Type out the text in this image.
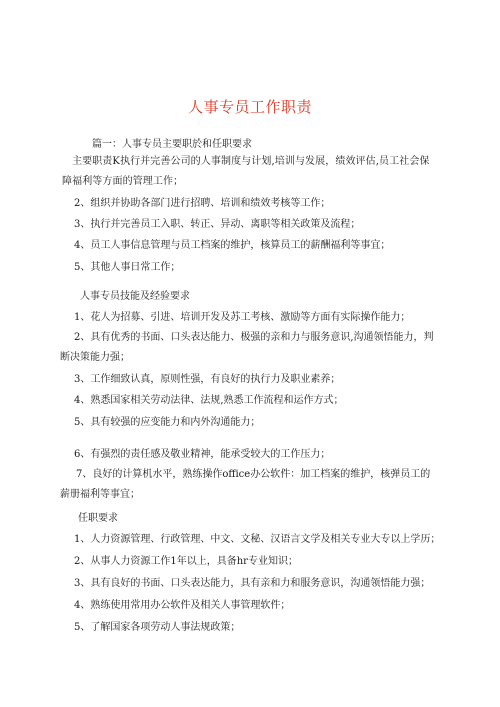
人事专员工作职责
篇一：人事专员主要职於和任职要求
主要职责K执行并完善公司的人事制度与计划,培训与发展，绩效评估,员工社会保障福利等方面的管理工作；
2、组织并协助各部门进行招聘、培训和绩效考核等工作；
3、执行并完善员工入职、转正、异动、离职等相关政策及流程；
4、员工人事信息管理与员工档案的维护，核算员工的薪酬福利等事宜；
5、其他人事日常工作；
人事专员技能及经验要求
1、花人为招募、引进、培训开发及苏工考核、激励等方面有实际操作能力；
2、具有优秀的书面、口头表达能力、极强的亲和力与服务意识,沟通领悟能力，判断决策能力强；
3、工作细致认真，原则性强，有良好的执行力及职业素养；
4、熟悉国家相关劳动法律、法规,熟悉工作流程和运作方式；
5、具有较强的应变能力和内外沟通能力；
6、有强烈的责任感及敬业精神，能承受较大的工作压力；
7、良好的计算机水平，熟练操作office办公软件：加工档案的维护，核弹员工的薪册福利等事宜；
任职要求
1、人力资源管理、行政管理、中文、文秘、汉语言文学及相关专业大专以上学历；
2、从事人力资源工作1年以上，具备hr专业知识；
3、具有良好的书面、口头表达能力，具有亲和力和服务意识，沟通领悟能力强；
4、熟练使用常用办公软件及相关人事管理软件；
5、了解国家各项劳动人事法规政策；
